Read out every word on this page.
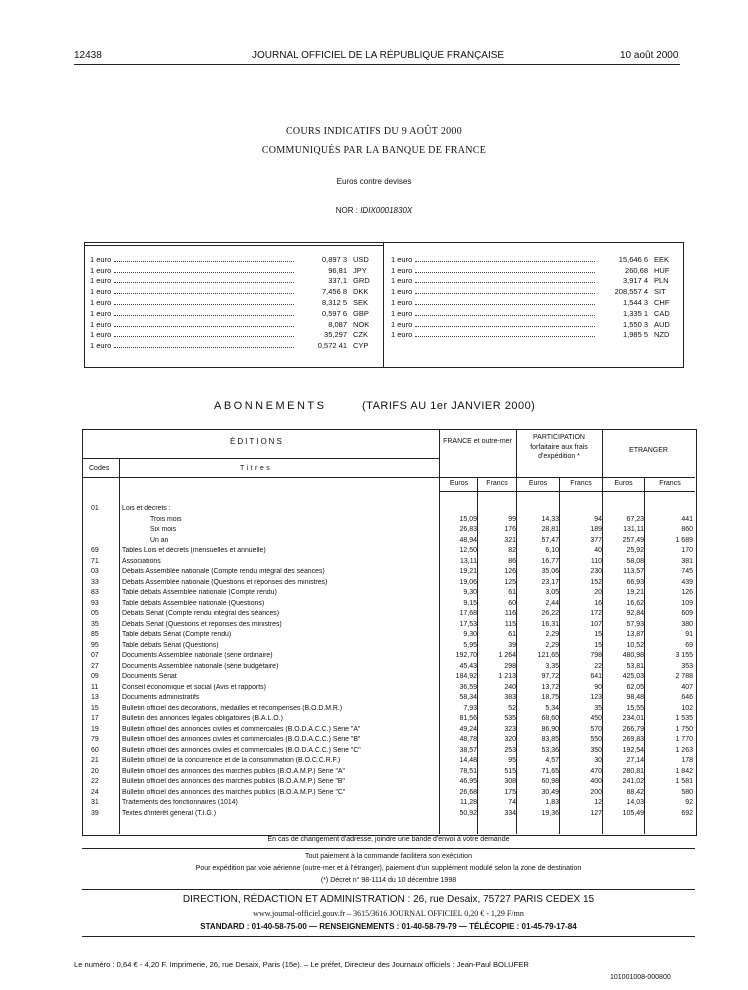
12438	JOURNAL OFFICIEL DE LA RÉPUBLIQUE FRANÇAISE	10 août 2000
COURS INDICATIFS DU 9 AOÛT 2000
COMMUNIQUÉS PAR LA BANQUE DE FRANCE
Euros contre devises
NOR : IDIX0001830X
1 euro	0,897 3 USD
1 euro	96,81 JPY
1 euro	337,1 GRD
1 euro	7,456 8 DKK
1 euro	8,312 5 SEK
1 euro	0,597 6 GBP
1 euro	8,087 NOK
1 euro	35,297 CZK
1 euro	0,572 41 CYP
1 euro	15,646 6 EEK
1 euro	260,68 HUF
1 euro	3,917 4 PLN
1 euro	208,557 4 SIT
1 euro	1,544 3 CHF
1 euro	1,335 1 CAD
1 euro	1,550 3 AUD
1 euro	1,985 5 NZD
ABONNEMENTS	(TARIFS AU 1er JANVIER 2000)
ÉDITIONS
Codes	Titres
FRANCE et outre-mer
PARTICIPATION forfaitaire aux frais d'expédition *
ETRANGER
Euros	Francs	Euros	Francs	Euros	Francs
01	Lois et décrets :
Trois mois	15,09	99	14,33	94	67,23	441
Six mois	26,83	176	28,81	189	131,11	860
Un an	48,94	321	57,47	377	257,49	1 689
69	Tables Lois et décrets (mensuelles et annuelle)	12,50	82	6,10	40	25,92	170
71	Associations	13,11	86	16,77	110	58,08	381
03	Débats Assemblée nationale (Compte rendu intégral des séances)	19,21	126	35,06	230	113,57	745
33	Débats Assemblée nationale (Questions et réponses des ministres)	19,06	125	23,17	152	66,93	439
83	Table débats Assemblée nationale (Compte rendu)	9,30	61	3,05	20	19,21	126
93	Table débats Assemblée nationale (Questions)	9,15	60	2,44	16	16,62	109
05	Débats Sénat (Compte rendu intégral des séances)	17,68	116	26,22	172	92,84	609
35	Débats Sénat (Questions et réponses des ministres)	17,53	115	16,31	107	57,93	380
85	Table débats Sénat (Compte rendu)	9,30	61	2,29	15	13,87	91
95	Table débats Sénat (Questions)	5,95	39	2,29	15	10,52	69
07	Documents Assemblée nationale (série ordinaire)	192,70	1 264	121,65	798	480,98	3 155
27	Documents Assemblée nationale (série budgétaire)	45,43	298	3,35	22	53,81	353
09	Documents Sénat	184,92	1 213	97,72	641	425,03	2 788
11	Conseil économique et social (Avis et rapports)	36,59	240	13,72	90	62,05	407
13	Documents administratifs	58,34	383	18,75	123	98,48	646
15	Bulletin officiel des décorations, médailles et récompenses (B.O.D.M.R.)	7,93	52	5,34	35	15,55	102
17	Bulletin des annonces légales obligatoires (B.A.L.O.)	81,56	535	68,60	450	234,01	1 535
19	Bulletin officiel des annonces civiles et commerciales (B.O.D.A.C.C.) Série "A"	49,24	323	86,90	570	266,79	1 750
79	Bulletin officiel des annonces civiles et commerciales (B.O.D.A.C.C.) Série "B"	48,78	320	83,85	550	269,83	1 770
60	Bulletin officiel des annonces civiles et commerciales (B.O.D.A.C.C.) Série "C"	38,57	253	53,36	350	192,54	1 263
21	Bulletin officiel de la concurrence et de la consommation (B.O.C.C.R.F.)	14,48	95	4,57	30	27,14	178
20	Bulletin officiel des annonces des marchés publics (B.O.A.M.P.) Série "A"	78,51	515	71,65	470	280,81	1 842
22	Bulletin officiel des annonces des marchés publics (B.O.A.M.P.) Série "B"	46,95	308	60,98	400	241,02	1 581
24	Bulletin officiel des annonces des marchés publics (B.O.A.M.P.) Série "C"	26,68	175	30,49	200	88,42	580
31	Traitements des fonctionnaires (1014)	11,28	74	1,83	12	14,03	92
39	Textes d'intérêt général (T.I.G.)	50,92	334	19,36	127	105,49	692
En cas de changement d'adresse, joindre une bande d'envoi à votre demande
Tout paiement à la commande facilitera son exécution
Pour expédition par voie aérienne (outre-mer et à l'étranger), paiement d'un supplément modulé selon la zone de destination
(*) Décret n° 98-1114 du 10 décembre 1998
DIRECTION, RÉDACTION ET ADMINISTRATION : 26, rue Desaix, 75727 PARIS CEDEX 15
www.journal-officiel.gouv.fr – 3615/3616 JOURNAL OFFICIEL 0,20 € - 1,29 F/mn
STANDARD : 01-40-58-75-00 — RENSEIGNEMENTS : 01-40-58-79-79 — TÉLÉCOPIE : 01-45-79-17-84
Le numéro : 0,64 € - 4,20 F. Imprimerie, 26, rue Desaix, Paris (15e). – Le préfet, Directeur des Journaux officiels : Jean-Paul BOLUFER
101001008-000800
